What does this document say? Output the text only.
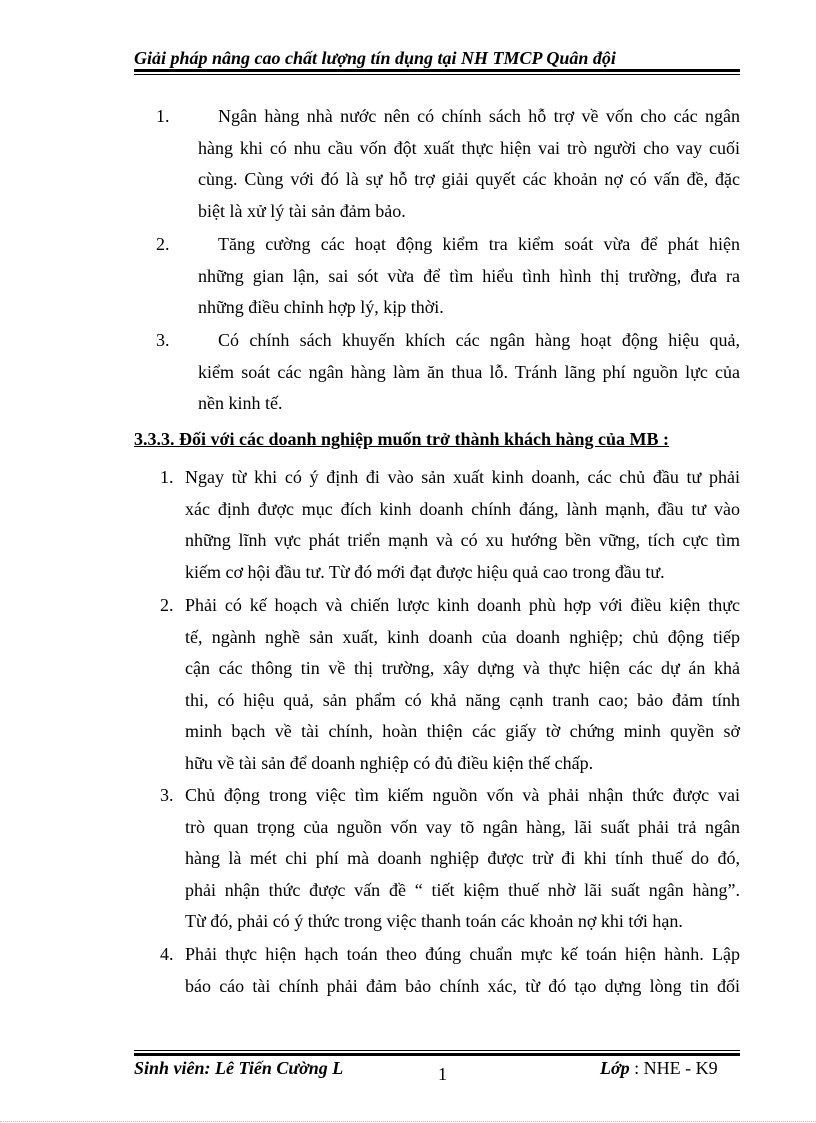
Giải pháp nâng cao chất lượng tín dụng tại NH TMCP Quân đội
1.	Ngân hàng nhà nước nên có chính sách hỗ trợ về vốn cho các ngân
hàng khi có nhu cầu vốn đột xuất thực hiện vai trò người cho vay cuối
cùng. Cùng với đó là sự hỗ trợ giải quyết các khoản nợ có vấn đề, đặc
biệt là xử lý tài sản đảm bảo.
2.	Tăng cường các hoạt động kiểm tra kiểm soát vừa để phát hiện
những gian lận, sai sót vừa để tìm hiểu tình hình thị trường, đưa ra
những điều chỉnh hợp lý, kịp thời.
3.	Có chính sách khuyến khích các ngân hàng hoạt động hiệu quả,
kiểm soát các ngân hàng làm ăn thua lỗ. Tránh lãng phí nguồn lực của
nền kinh tế.
3.3.3. Đối với các doanh nghiệp muốn trở thành khách hàng của MB :
1. Ngay từ khi có ý định đi vào sản xuất kinh doanh, các chủ đầu tư phải
xác định được mục đích kinh doanh chính đáng, lành mạnh, đầu tư vào
những lĩnh vực phát triển mạnh và có xu hướng bền vững, tích cực tìm
kiếm cơ hội đầu tư. Từ đó mới đạt được hiệu quả cao trong đầu tư.
2. Phải có kế hoạch và chiến lược kinh doanh phù hợp với điều kiện thực
tế, ngành nghề sản xuất, kinh doanh của doanh nghiệp; chủ động tiếp
cận các thông tin về thị trường, xây dựng và thực hiện các dự án khả
thi, có hiệu quả, sản phẩm có khả năng cạnh tranh cao; bảo đảm tính
minh bạch về tài chính, hoàn thiện các giấy tờ chứng minh quyền sở
hữu về tài sản để doanh nghiệp có đủ điều kiện thế chấp.
3. Chủ động trong việc tìm kiếm nguồn vốn và phải nhận thức được vai
trò quan trọng của nguồn vốn vay tõ ngân hàng, lãi suất phải trả ngân
hàng là mét chi phí mà doanh nghiệp được trừ đi khi tính thuế do đó,
phải nhận thức được vấn đề “ tiết kiệm thuế nhờ lãi suất ngân hàng”.
Từ đó, phải có ý thức trong việc thanh toán các khoản nợ khi tới hạn.
4. Phải thực hiện hạch toán theo đúng chuẩn mực kế toán hiện hành. Lập
báo cáo tài chính phải đảm bảo chính xác, từ đó tạo dựng lòng tin đối
Sinh viên: Lê Tiến Cường L	1	Lớp : NHE - K9
